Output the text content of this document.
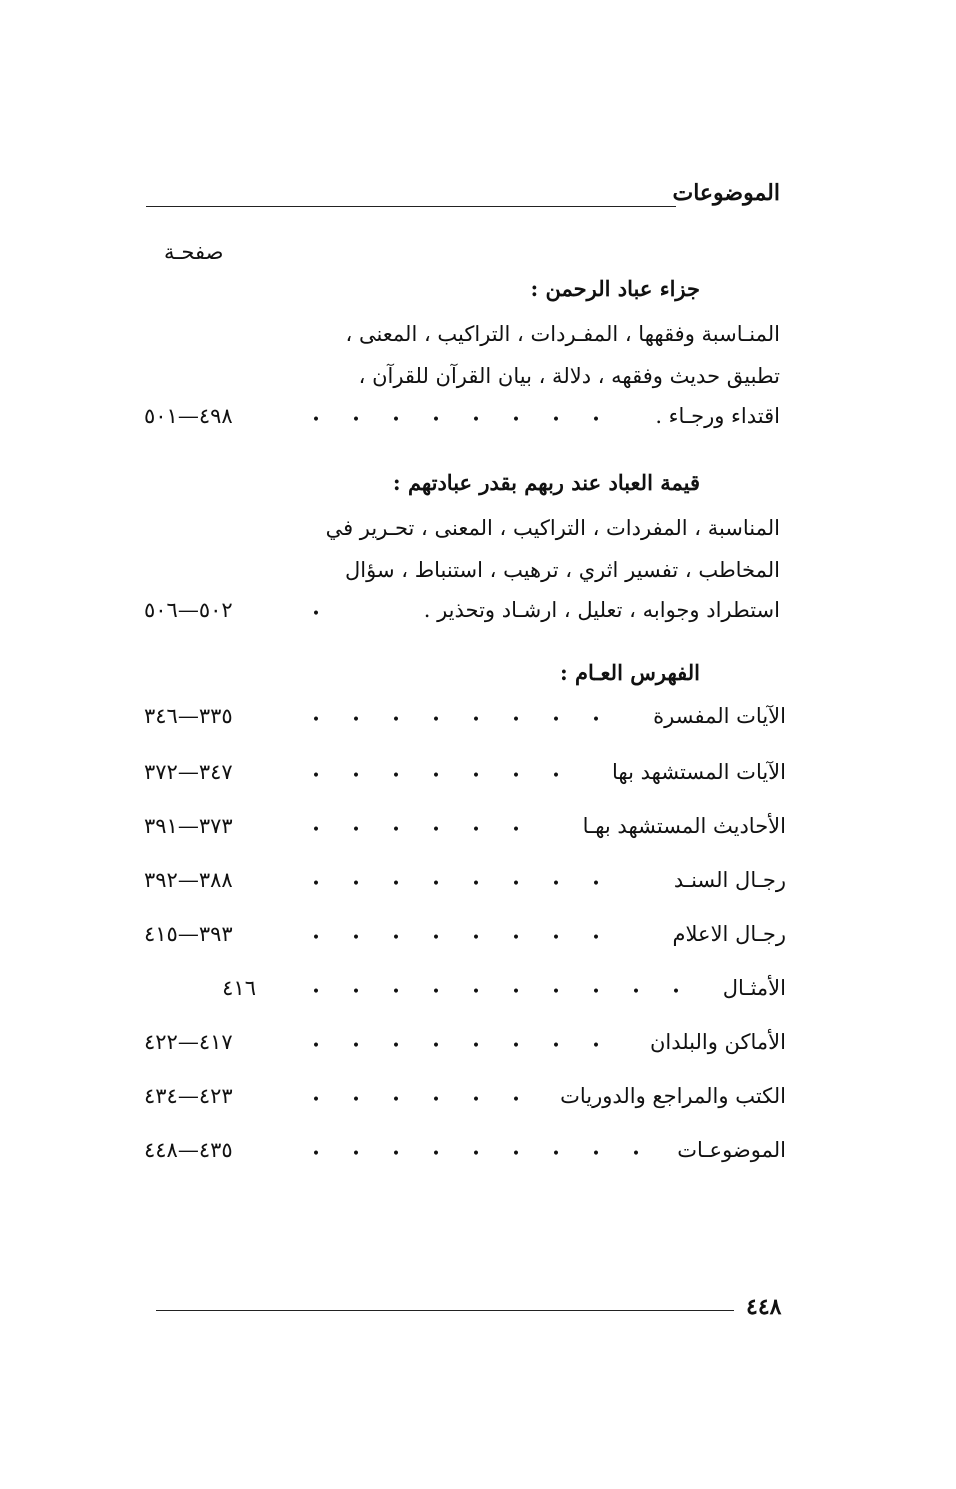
الموضوعات
صفحـة
جزاء عباد الرحمن :
المنـاسبة وفقهها ، المفـردات ، التراكيب ، المعنى ،
تطبيق حديث وفقهه ، دلالة ، بيان القرآن للقرآن ،
اقتداء ورجـاء .
• • • • • • • •
٤٩٨—٥٠١
قيمة العباد عند ربهم بقدر عبادتهم :
المناسبة ، المفردات ، التراكيب ، المعنى ، تحـرير في
المخاطب ، تفسير اثري ، ترهيب ، استنباط ، سؤال
استطراد وجوابه ، تعليل ، ارشـاد وتحذير .
•
٥٠٢—٥٠٦
الفهرس العـام :
الآيات المفسرة
• • • • • • • •
٣٣٥—٣٤٦
الآيات المستشهد بها
• • • • • • •
٣٤٧—٣٧٢
الأحاديث المستشهد بهـا
• • • • • •
٣٧٣—٣٩١
رجـال السنـد
• • • • • • • •
٣٨٨—٣٩٢
رجـال الاعلام
• • • • • • • •
٣٩٣—٤١٥
الأمثـال
• • • • • • • • • •
٤١٦
الأماكن والبلدان
• • • • • • • •
٤١٧—٤٢٢
الكتب والمراجع والدوريات
• • • • • •
٤٢٣—٤٣٤
الموضوعـات
• • • • • • • • •
٤٣٥—٤٤٨
٤٤٨
